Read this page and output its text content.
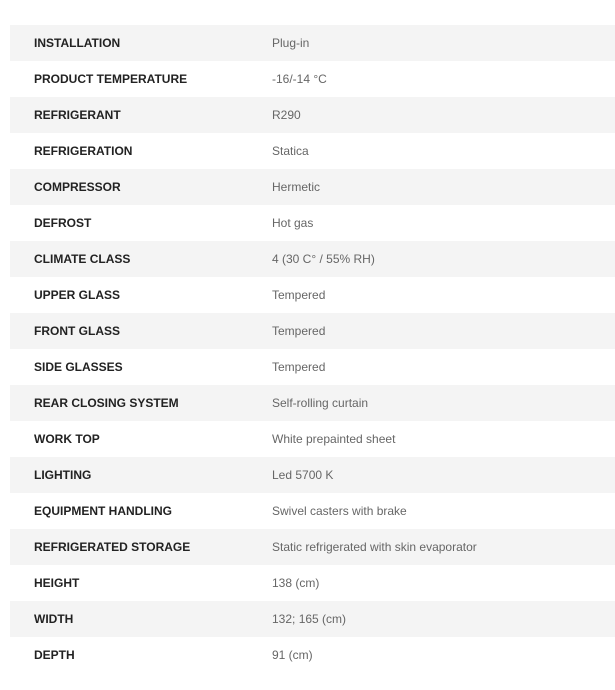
INSTALLATION	Plug-in
PRODUCT TEMPERATURE	-16/-14 °C
REFRIGERANT	R290
REFRIGERATION	Statica
COMPRESSOR	Hermetic
DEFROST	Hot gas
CLIMATE CLASS	4 (30 C° / 55% RH)
UPPER GLASS	Tempered
FRONT GLASS	Tempered
SIDE GLASSES	Tempered
REAR CLOSING SYSTEM	Self-rolling curtain
WORK TOP	White prepainted sheet
LIGHTING	Led 5700 K
EQUIPMENT HANDLING	Swivel casters with brake
REFRIGERATED STORAGE	Static refrigerated with skin evaporator
HEIGHT	138 (cm)
WIDTH	132; 165 (cm)
DEPTH	91 (cm)
